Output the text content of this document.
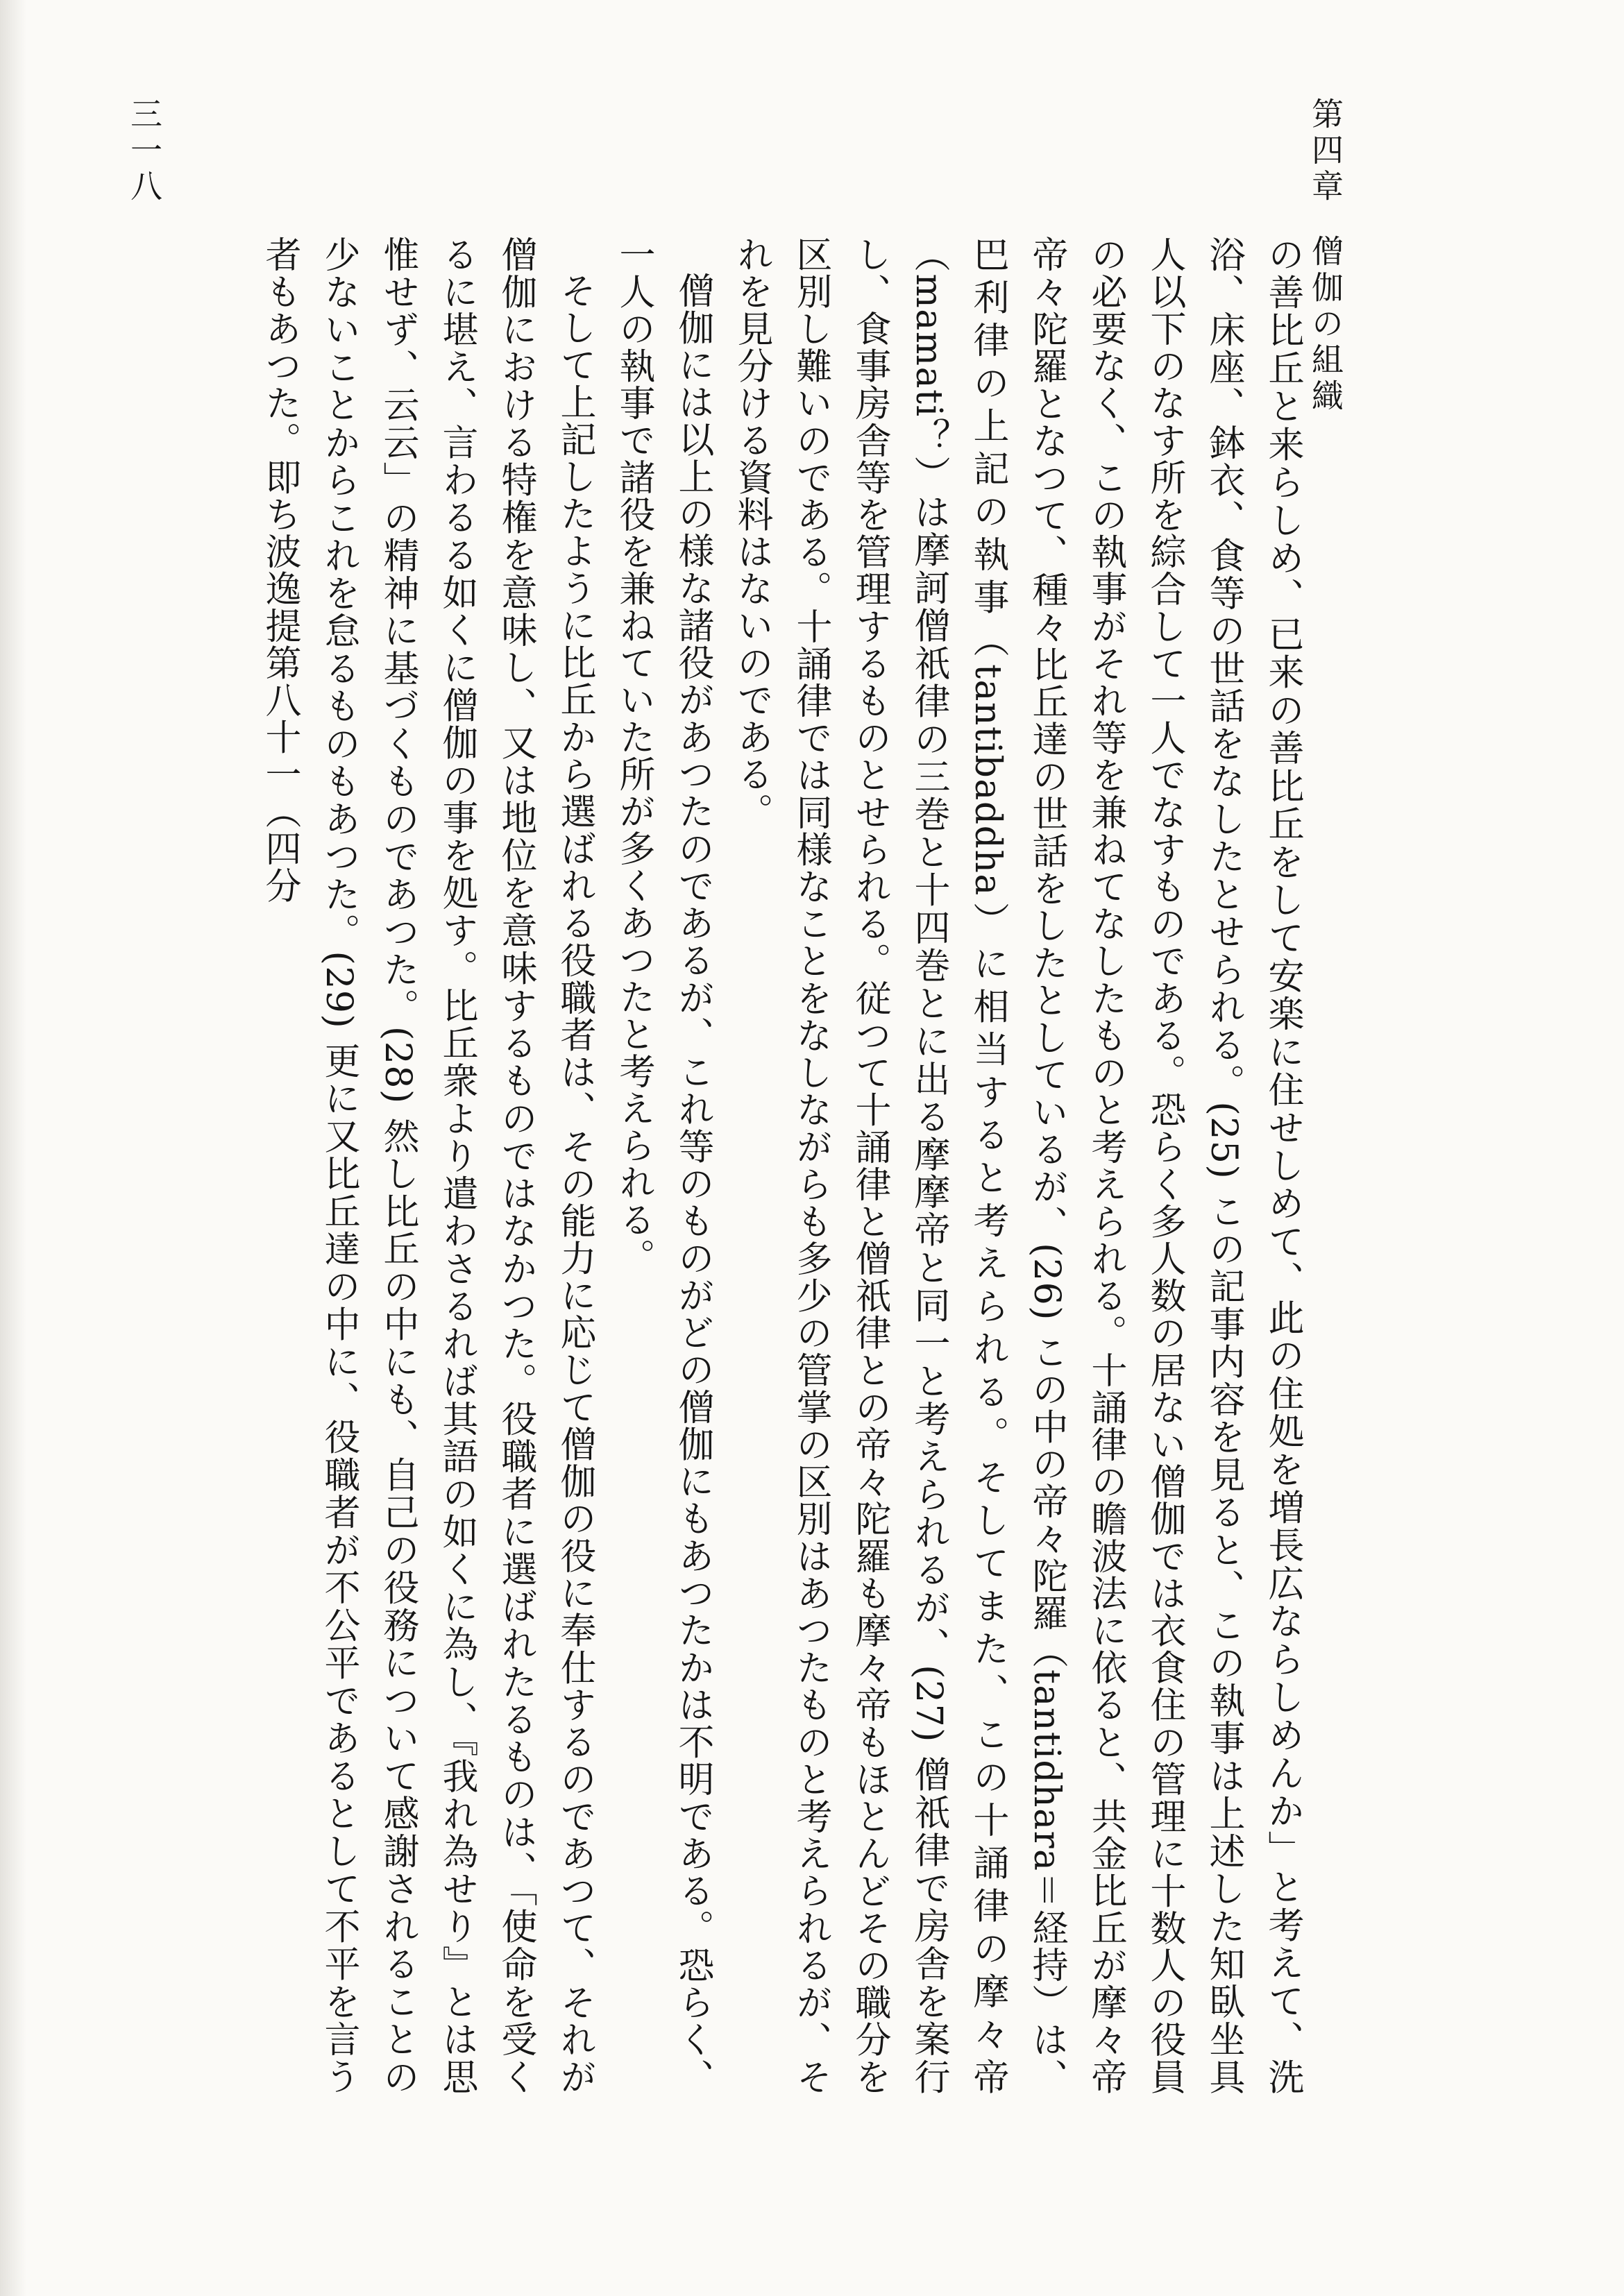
第四章僧伽の組織
三一八

の善比丘と来らしめ、已来の善比丘をして安楽に住せしめて、此の住処を増長広ならしめんか」と考えて、洗浴、床座、鉢衣、食等の世話をなしたとせられる。(25) この記事内容を見ると、この執事は上述した知臥坐具人以下のなす所を綜合して一人でなすものである。恐らく多人数の居ない僧伽では衣食住の管理に十数人の役員の必要なく、この執事がそれ等を兼ねてなしたものと考えられる。十誦律の瞻波法に依ると、共金比丘が摩々帝帝々陀羅となつて、種々比丘達の世話をしたとしているが、(26) この中の帝々陀羅（tantidhara＝経持）は、巴利律の上記の執事（tantibaddha）に相当すると考えられる。そしてまた、この十誦律の摩々帝（mamati？）は摩訶僧祇律の三巻と十四巻とに出る摩摩帝と同一と考えられるが、(27) 僧祇律で房舎を案行し、食事房舎等を管理するものとせられる。従つて十誦律と僧祇律との帝々陀羅も摩々帝もほとんどその職分を区別し難いのである。十誦律では同様なことをなしながらも多少の管掌の区別はあつたものと考えられるが、それを見分ける資料はないのである。

僧伽には以上の様な諸役があつたのであるが、これ等のものがどの僧伽にもあつたかは不明である。恐らく、一人の執事で諸役を兼ねていた所が多くあつたと考えられる。

そして上記したように比丘から選ばれる役職者は、その能力に応じて僧伽の役に奉仕するのであつて、それが僧伽における特権を意味し、又は地位を意味するものではなかつた。役職者に選ばれたるものは、「使命を受くるに堪え、言わるる如くに僧伽の事を処す。比丘衆より遣わさるれば其語の如くに為し、『我れ為せり』とは思惟せず、云云」の精神に基づくものであつた。(28) 然し比丘の中にも、自己の役務について感謝されることの少ないことからこれを怠るものもあつた。(29) 更に又比丘達の中に、役職者が不公平であるとして不平を言う者もあつた。即ち波逸提第八十一（四分
